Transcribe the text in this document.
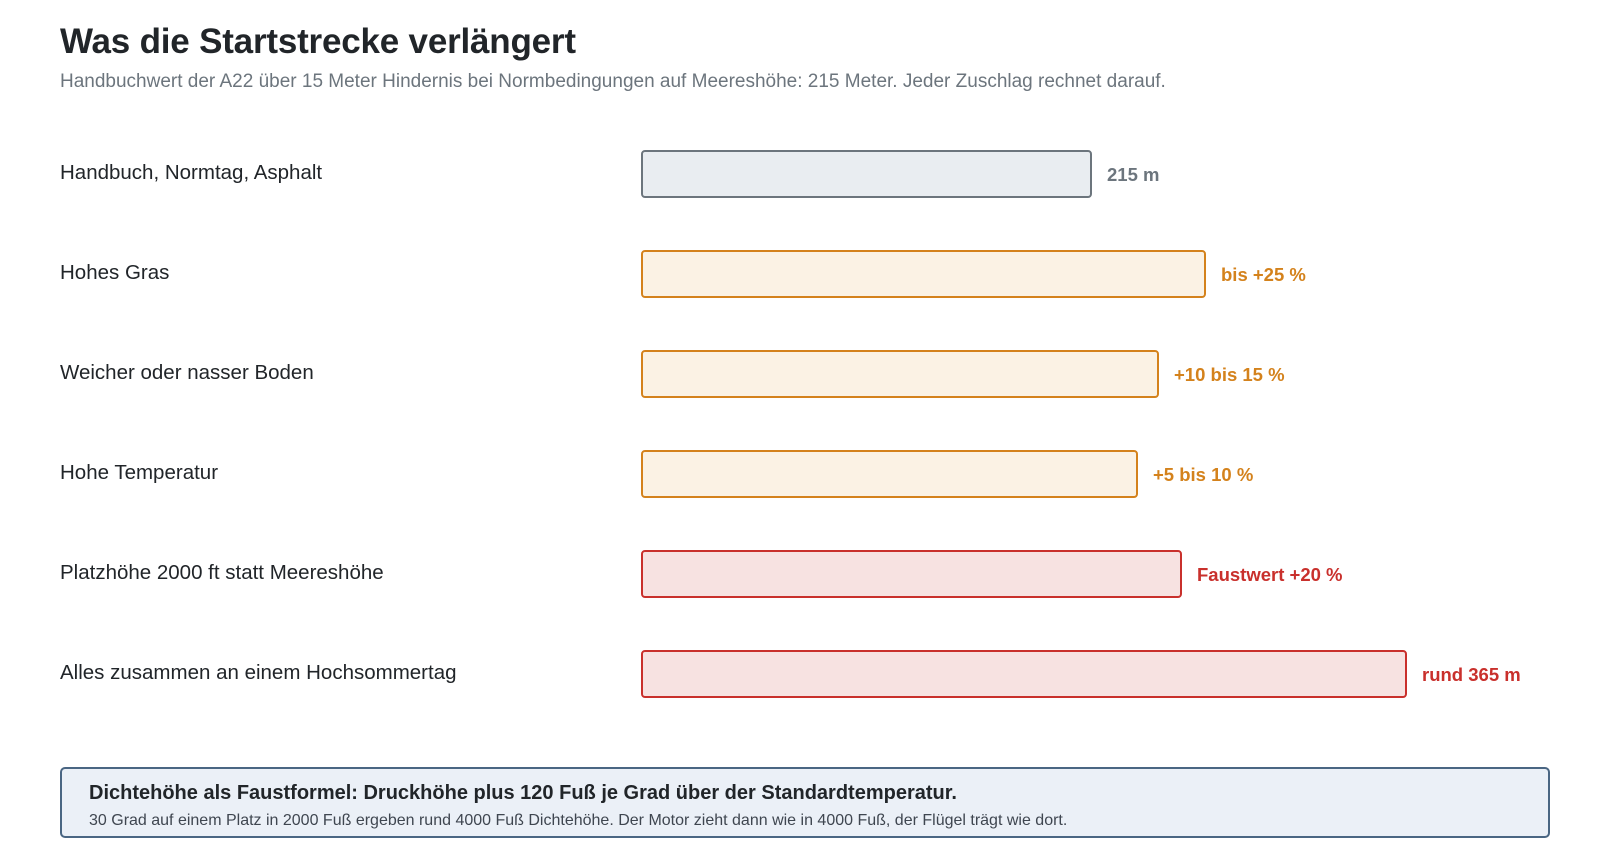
Was die Startstrecke verlängert
Handbuchwert der A22 über 15 Meter Hindernis bei Normbedingungen auf Meereshöhe: 215 Meter. Jeder Zuschlag rechnet darauf.
Handbuch, Normtag, Asphalt	215 m
Hohes Gras	bis +25 %
Weicher oder nasser Boden	+10 bis 15 %
Hohe Temperatur	+5 bis 10 %
Platzhöhe 2000 ft statt Meereshöhe	Faustwert +20 %
Alles zusammen an einem Hochsommertag	rund 365 m
Dichtehöhe als Faustformel: Druckhöhe plus 120 Fuß je Grad über der Standardtemperatur.
30 Grad auf einem Platz in 2000 Fuß ergeben rund 4000 Fuß Dichtehöhe. Der Motor zieht dann wie in 4000 Fuß, der Flügel trägt wie dort.
